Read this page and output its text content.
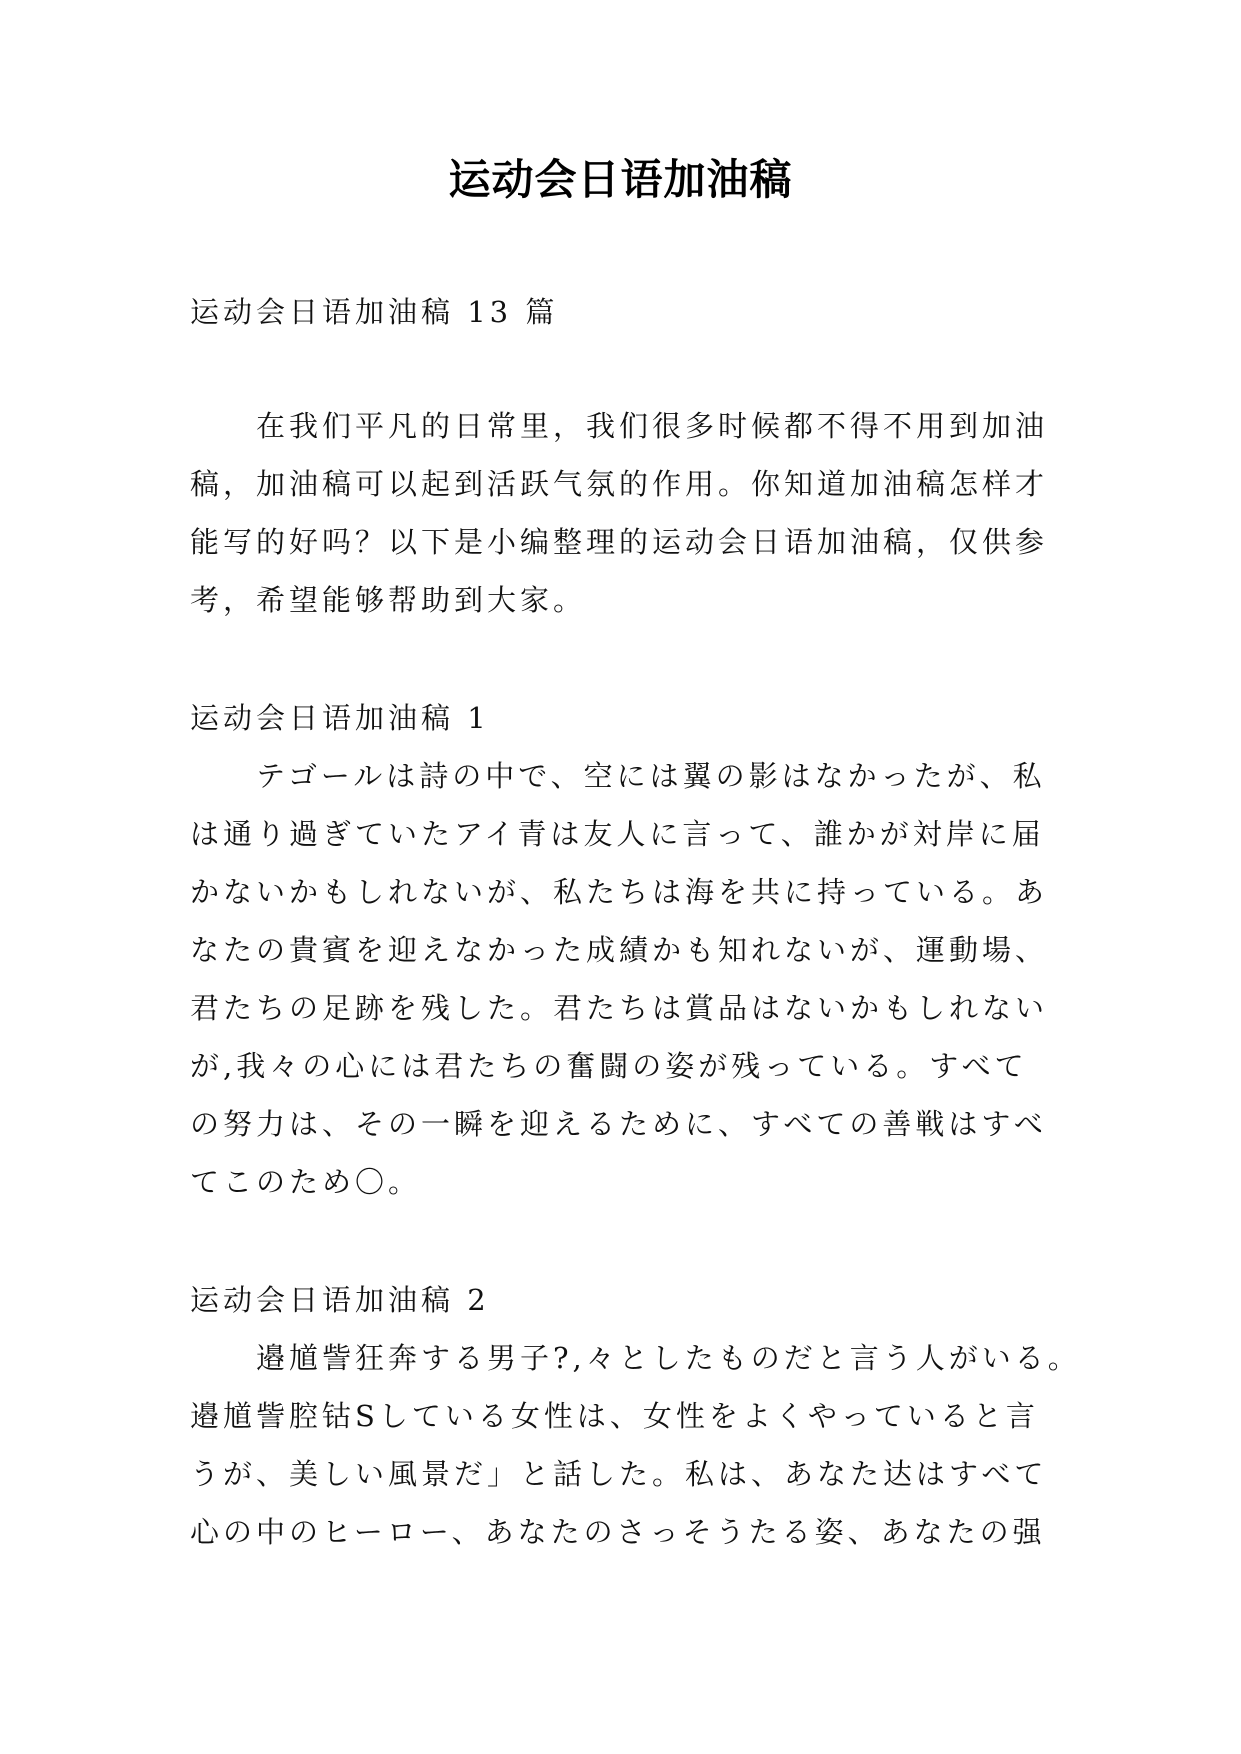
运动会日语加油稿
运动会日语加油稿 13 篇
在我们平凡的日常里，我们很多时候都不得不用到加油
稿，加油稿可以起到活跃气氛的作用。你知道加油稿怎样才
能写的好吗？以下是小编整理的运动会日语加油稿，仅供参
考，希望能够帮助到大家。
运动会日语加油稿 1
テゴールは詩の中で、空には翼の影はなかったが、私
は通り過ぎていたアイ青は友人に言って、誰かが対岸に届
かないかもしれないが、私たちは海を共に持っている。あ
なたの貴賓を迎えなかった成績かも知れないが、運動場、
君たちの足跡を残した。君たちは賞品はないかもしれない
が,我々の心には君たちの奮闘の姿が残っている。すべて
の努力は、その一瞬を迎えるために、すべての善戦はすべ
てこのため〇。
运动会日语加油稿 2
邉馗訾狂奔する男子?,々としたものだと言う人がいる。
邉馗訾腔钴Sしている女性は、女性をよくやっていると言
うが、美しい風景だ」と話した。私は、あなた达はすべて
心の中のヒーロー、あなたのさっそうたる姿、あなたの强
